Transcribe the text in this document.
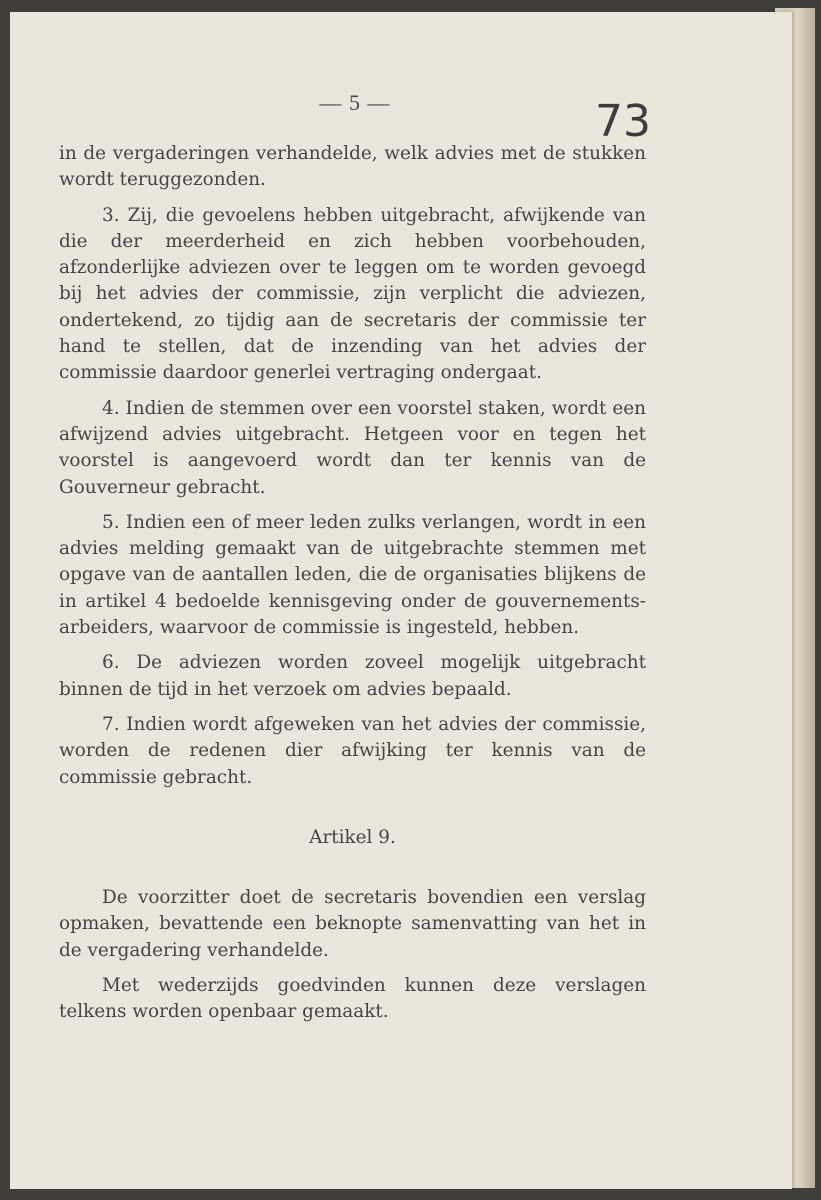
— 5 —	73

in de vergaderingen verhandelde, welk advies met de stukken wordt teruggezonden.

3. Zij, die gevoelens hebben uitgebracht, afwijkende van die der meerderheid en zich hebben voorbehouden, afzonderlijke adviezen over te leggen om te worden gevoegd bij het advies der commissie, zijn verplicht die adviezen, ondertekend, zo tijdig aan de secretaris der commissie ter hand te stellen, dat de inzending van het advies der commissie daardoor generlei vertraging ondergaat.

4. Indien de stemmen over een voorstel staken, wordt een afwijzend advies uitgebracht. Hetgeen voor en tegen het voorstel is aangevoerd wordt dan ter kennis van de Gouverneur gebracht.

5. Indien een of meer leden zulks verlangen, wordt in een advies melding gemaakt van de uitgebrachte stemmen met opgave van de aantallen leden, die de organisaties blijkens de in artikel 4 bedoelde kennisgeving onder de gouvernements-arbeiders, waarvoor de commissie is ingesteld, hebben.

6. De adviezen worden zoveel mogelijk uitgebracht binnen de tijd in het verzoek om advies bepaald.

7. Indien wordt afgeweken van het advies der commissie, worden de redenen dier afwijking ter kennis van de commissie gebracht.

Artikel 9.

De voorzitter doet de secretaris bovendien een verslag opmaken, bevattende een beknopte samenvatting van het in de vergadering verhandelde.

Met wederzijds goedvinden kunnen deze verslagen telkens worden openbaar gemaakt.
